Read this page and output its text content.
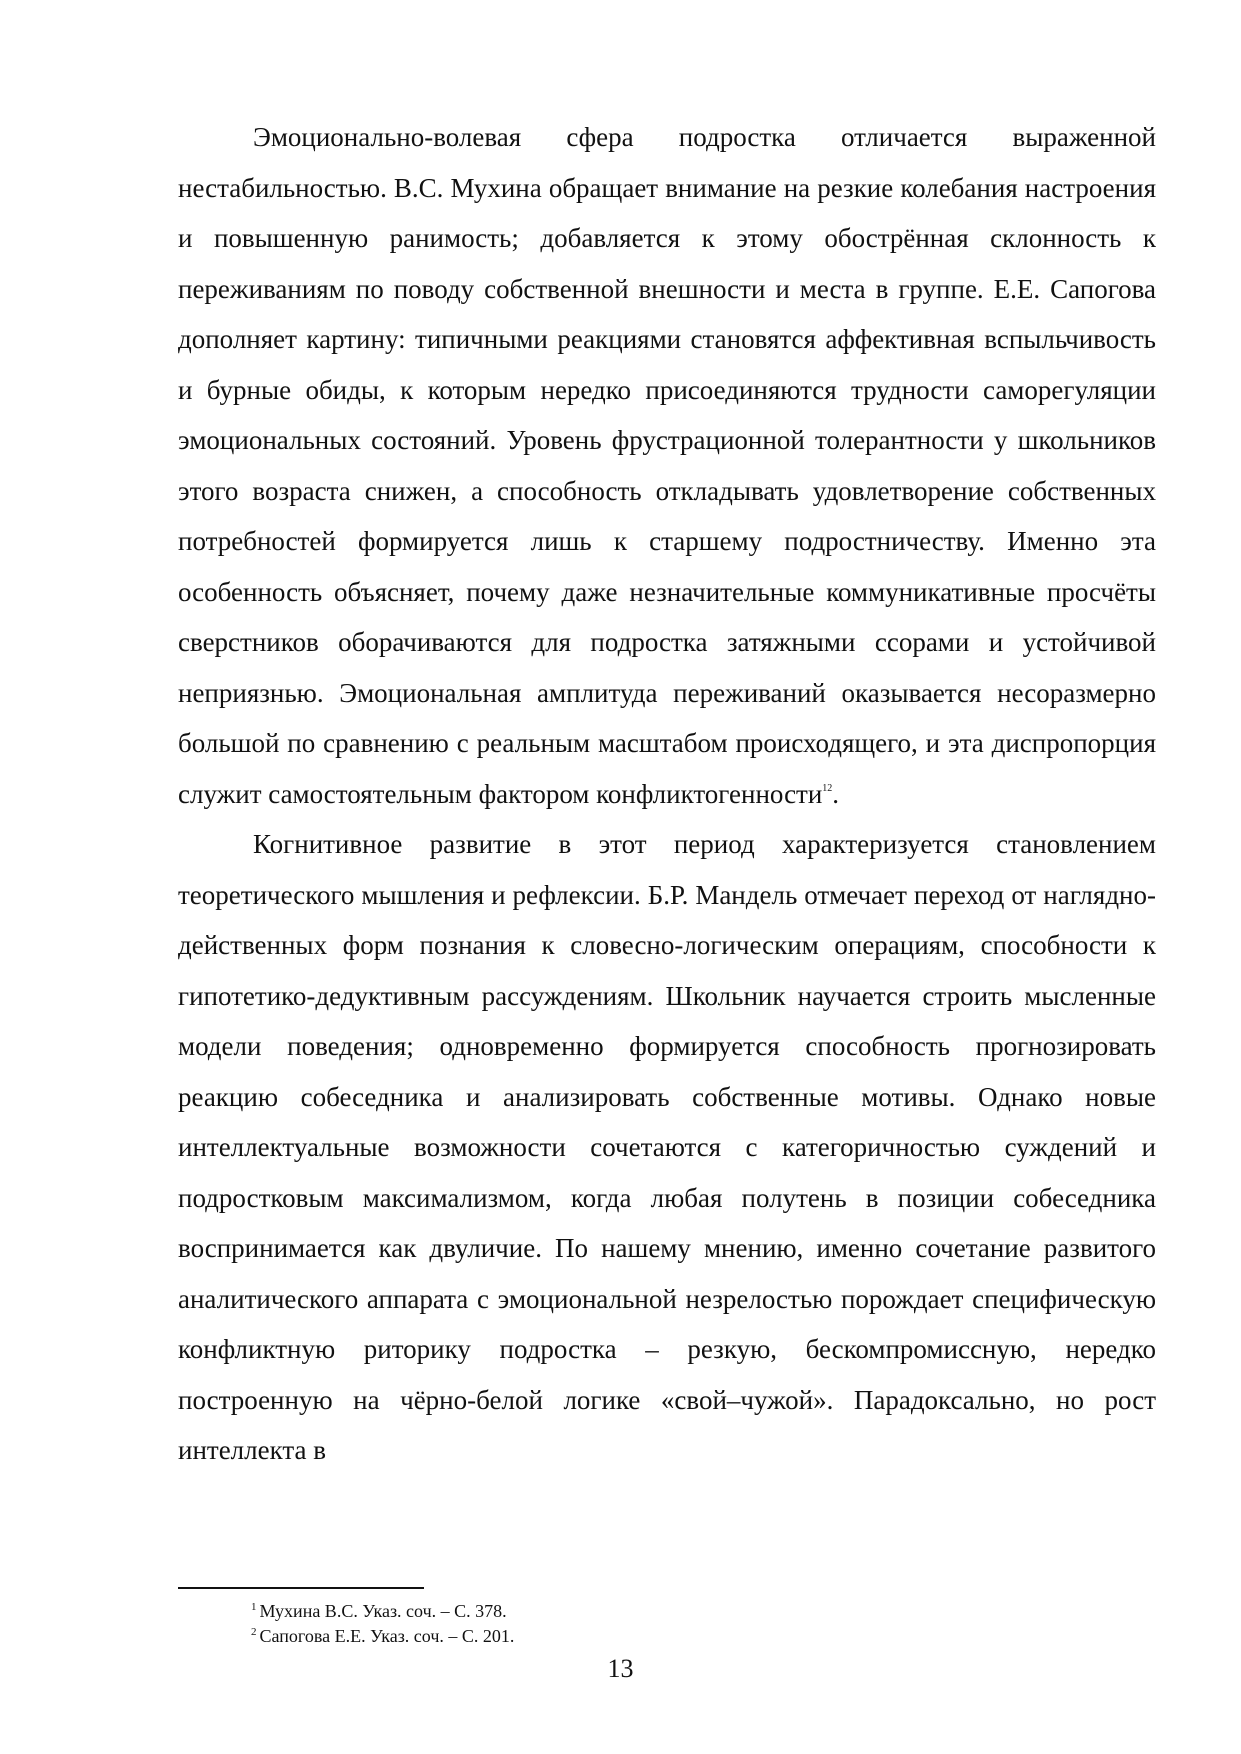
Эмоционально-волевая сфера подростка отличается выраженной нестабильностью. В.С. Мухина обращает внимание на резкие колебания настроения и повышенную ранимость; добавляется к этому обострённая склонность к переживаниям по поводу собственной внешности и места в группе. Е.Е. Сапогова дополняет картину: типичными реакциями становятся аффективная вспыльчивость и бурные обиды, к которым нередко присоединяются трудности саморегуляции эмоциональных состояний. Уровень фрустрационной толерантности у школьников этого возраста снижен, а способность откладывать удовлетворение собственных потребностей формируется лишь к старшему подростничеству. Именно эта особенность объясняет, почему даже незначительные коммуникативные просчёты сверстников оборачиваются для подростка затяжными ссорами и устойчивой неприязнью. Эмоциональная амплитуда переживаний оказывается несоразмерно большой по сравнению с реальным масштабом происходящего, и эта диспропорция служит самостоятельным фактором конфликтогенности$^{12}$.

Когнитивное развитие в этот период характеризуется становлением теоретического мышления и рефлексии. Б.Р. Мандель отмечает переход от наглядно-действенных форм познания к словесно-логическим операциям, способности к гипотетико-дедуктивным рассуждениям. Школьник научается строить мысленные модели поведения; одновременно формируется способность прогнозировать реакцию собеседника и анализировать собственные мотивы. Однако новые интеллектуальные возможности сочетаются с категоричностью суждений и подростковым максимализмом, когда любая полутень в позиции собеседника воспринимается как двуличие. По нашему мнению, именно сочетание развитого аналитического аппарата с эмоциональной незрелостью порождает специфическую конфликтную риторику подростка – резкую, бескомпромиссную, нередко построенную на чёрно-белой логике «свой–чужой». Парадоксально, но рост интеллекта в

$^1$ Мухина В.С. Указ. соч. – С. 378.
$^2$ Сапогова Е.Е. Указ. соч. – С. 201.
13
